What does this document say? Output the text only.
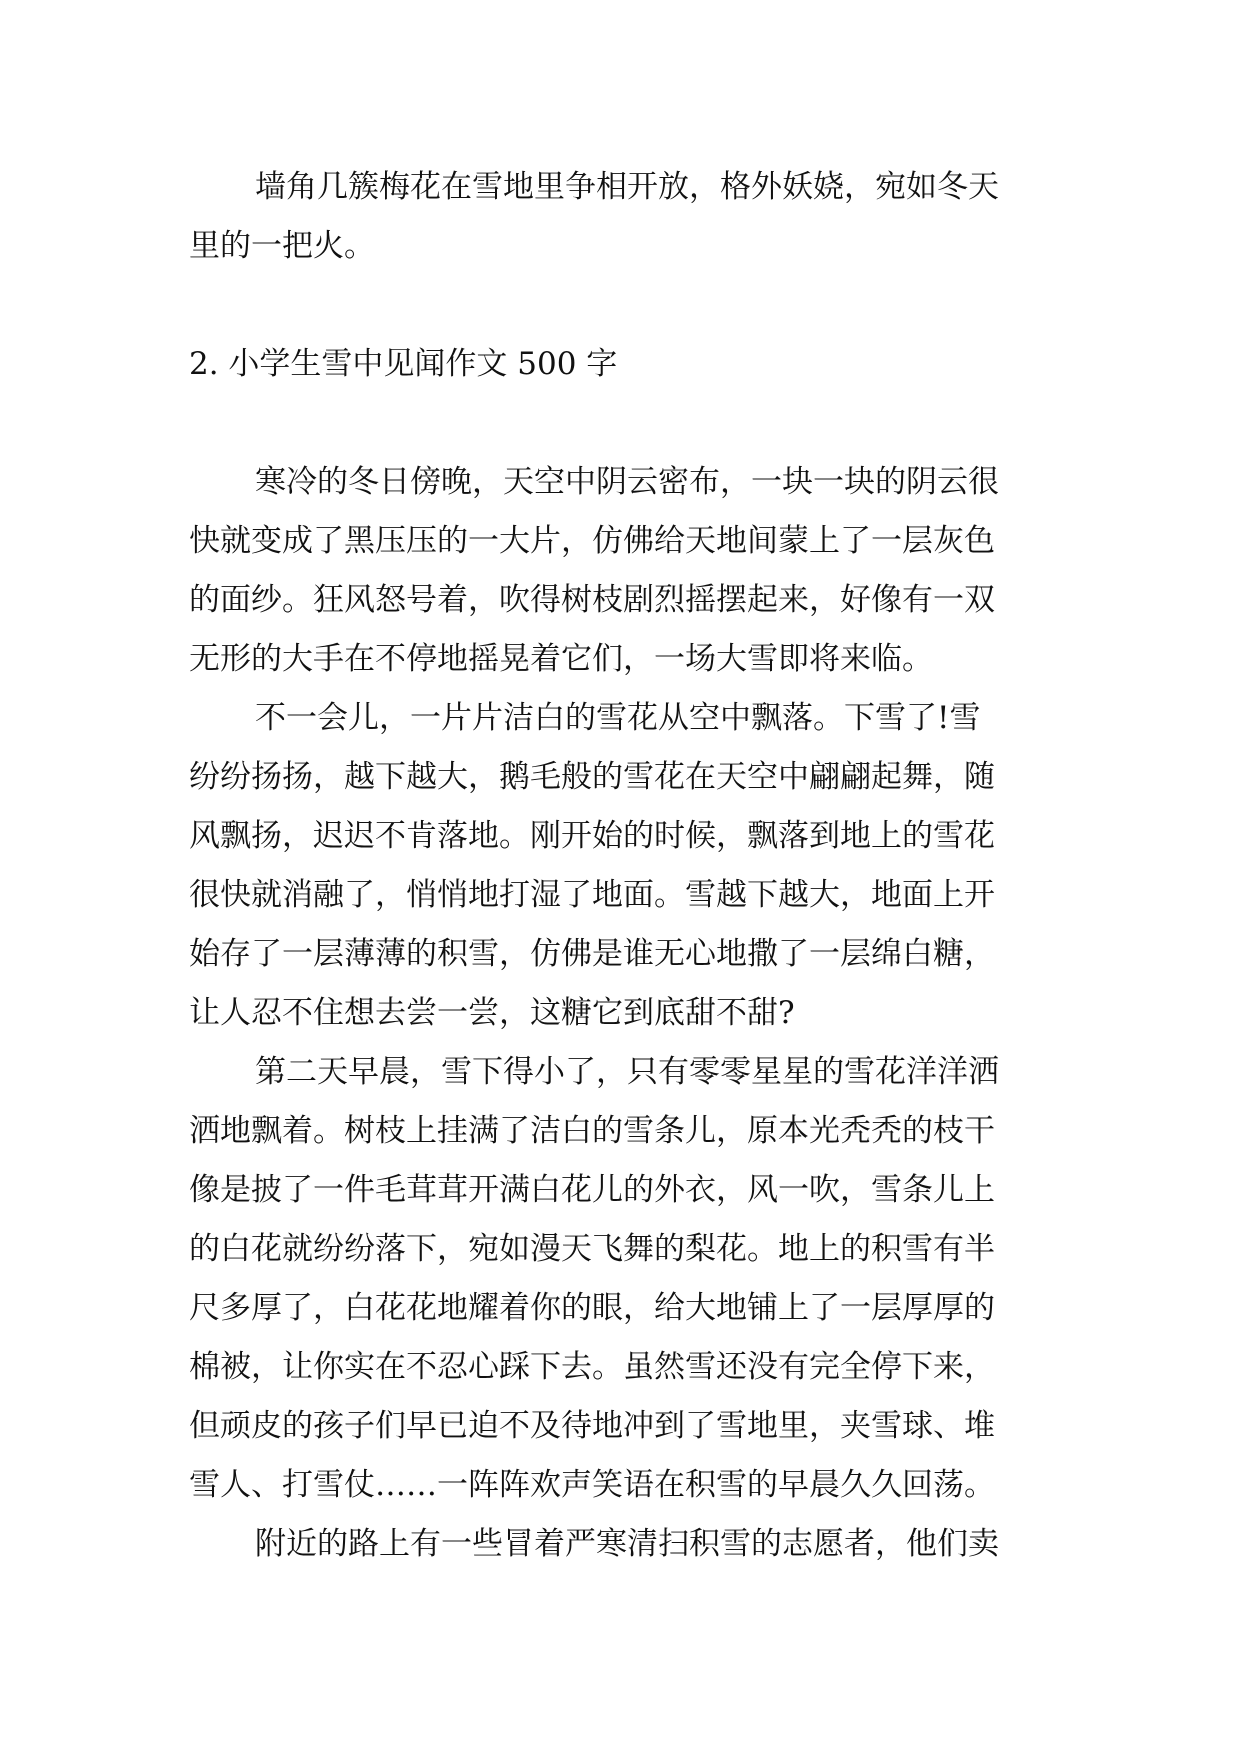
墙角几簇梅花在雪地里争相开放，格外妖娆，宛如冬天
里的一把火。
2. 小学生雪中见闻作文 500 字
寒冷的冬日傍晚，天空中阴云密布，一块一块的阴云很
快就变成了黑压压的一大片，仿佛给天地间蒙上了一层灰色
的面纱。狂风怒号着，吹得树枝剧烈摇摆起来，好像有一双
无形的大手在不停地摇晃着它们，一场大雪即将来临。
不一会儿，一片片洁白的雪花从空中飘落。下雪了!雪
纷纷扬扬，越下越大，鹅毛般的雪花在天空中翩翩起舞，随
风飘扬，迟迟不肯落地。刚开始的时候，飘落到地上的雪花
很快就消融了，悄悄地打湿了地面。雪越下越大，地面上开
始存了一层薄薄的积雪，仿佛是谁无心地撒了一层绵白糖，
让人忍不住想去尝一尝，这糖它到底甜不甜?
第二天早晨，雪下得小了，只有零零星星的雪花洋洋洒
洒地飘着。树枝上挂满了洁白的雪条儿，原本光秃秃的枝干
像是披了一件毛茸茸开满白花儿的外衣，风一吹，雪条儿上
的白花就纷纷落下，宛如漫天飞舞的梨花。地上的积雪有半
尺多厚了，白花花地耀着你的眼，给大地铺上了一层厚厚的
棉被，让你实在不忍心踩下去。虽然雪还没有完全停下来，
但顽皮的孩子们早已迫不及待地冲到了雪地里，夹雪球、堆
雪人、打雪仗……一阵阵欢声笑语在积雪的早晨久久回荡。
附近的路上有一些冒着严寒清扫积雪的志愿者，他们卖
